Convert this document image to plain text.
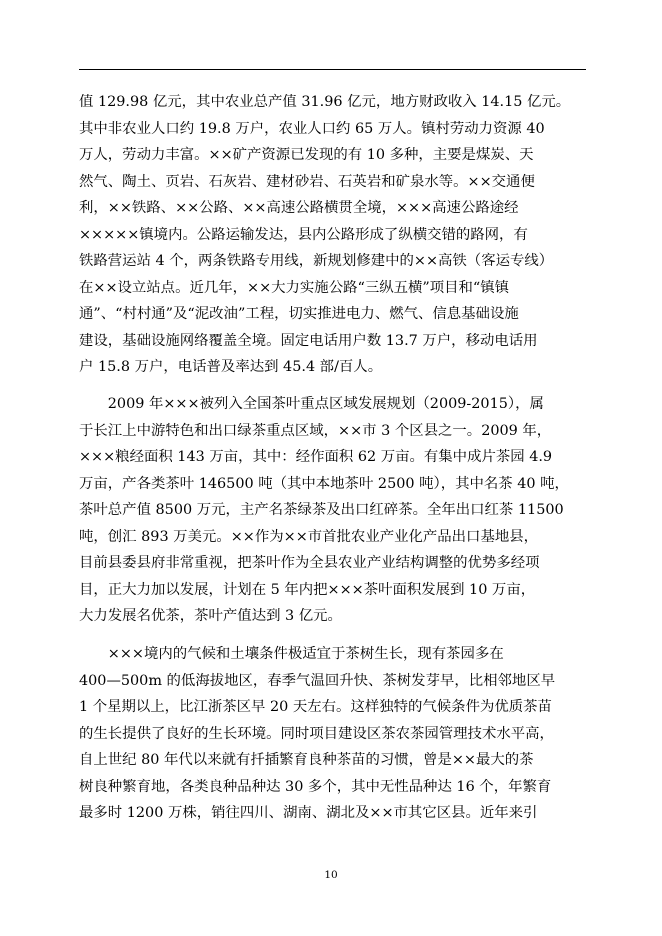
值 129.98 亿元，其中农业总产值 31.96 亿元，地方财政收入 14.15 亿元。
其中非农业人口约 19.8 万户，农业人口约 65 万人。镇村劳动力资源 40
万人，劳动力丰富。××矿产资源已发现的有 10 多种，主要是煤炭、天
然气、陶土、页岩、石灰岩、建材砂岩、石英岩和矿泉水等。××交通便
利，××铁路、××公路、××高速公路横贯全境，×××高速公路途经
×××××镇境内。公路运输发达，县内公路形成了纵横交错的路网，有
铁路营运站 4 个，两条铁路专用线，新规划修建中的××高铁（客运专线）
在××设立站点。近几年，××大力实施公路“三纵五横”项目和“镇镇
通”、“村村通”及“泥改油”工程，切实推进电力、燃气、信息基础设施
建设，基础设施网络覆盖全境。固定电话用户数 13.7 万户，移动电话用
户 15.8 万户，电话普及率达到 45.4 部/百人。
　　2009 年×××被列入全国茶叶重点区域发展规划（2009-2015），属
于长江上中游特色和出口绿茶重点区域，××市 3 个区县之一。2009 年，
×××粮经面积 143 万亩，其中：经作面积 62 万亩。有集中成片茶园 4.9
万亩，产各类茶叶 146500 吨（其中本地茶叶 2500 吨），其中名茶 40 吨，
茶叶总产值 8500 万元，主产名茶绿茶及出口红碎茶。全年出口红茶 11500
吨，创汇 893 万美元。××作为××市首批农业产业化产品出口基地县，
目前县委县府非常重视，把茶叶作为全县农业产业结构调整的优势多经项
目，正大力加以发展，计划在 5 年内把×××茶叶面积发展到 10 万亩，
大力发展名优茶，茶叶产值达到 3 亿元。
　　×××境内的气候和土壤条件极适宜于茶树生长，现有茶园多在
400—500m 的低海拔地区，春季气温回升快、茶树发芽早，比相邻地区早
1 个星期以上，比江浙茶区早 20 天左右。这样独特的气候条件为优质茶苗
的生长提供了良好的生长环境。同时项目建设区茶农茶园管理技术水平高，
自上世纪 80 年代以来就有扦插繁育良种茶苗的习惯，曾是××最大的茶
树良种繁育地，各类良种品种达 30 多个，其中无性品种达 16 个，年繁育
最多时 1200 万株，销往四川、湖南、湖北及××市其它区县。近年来引
10
